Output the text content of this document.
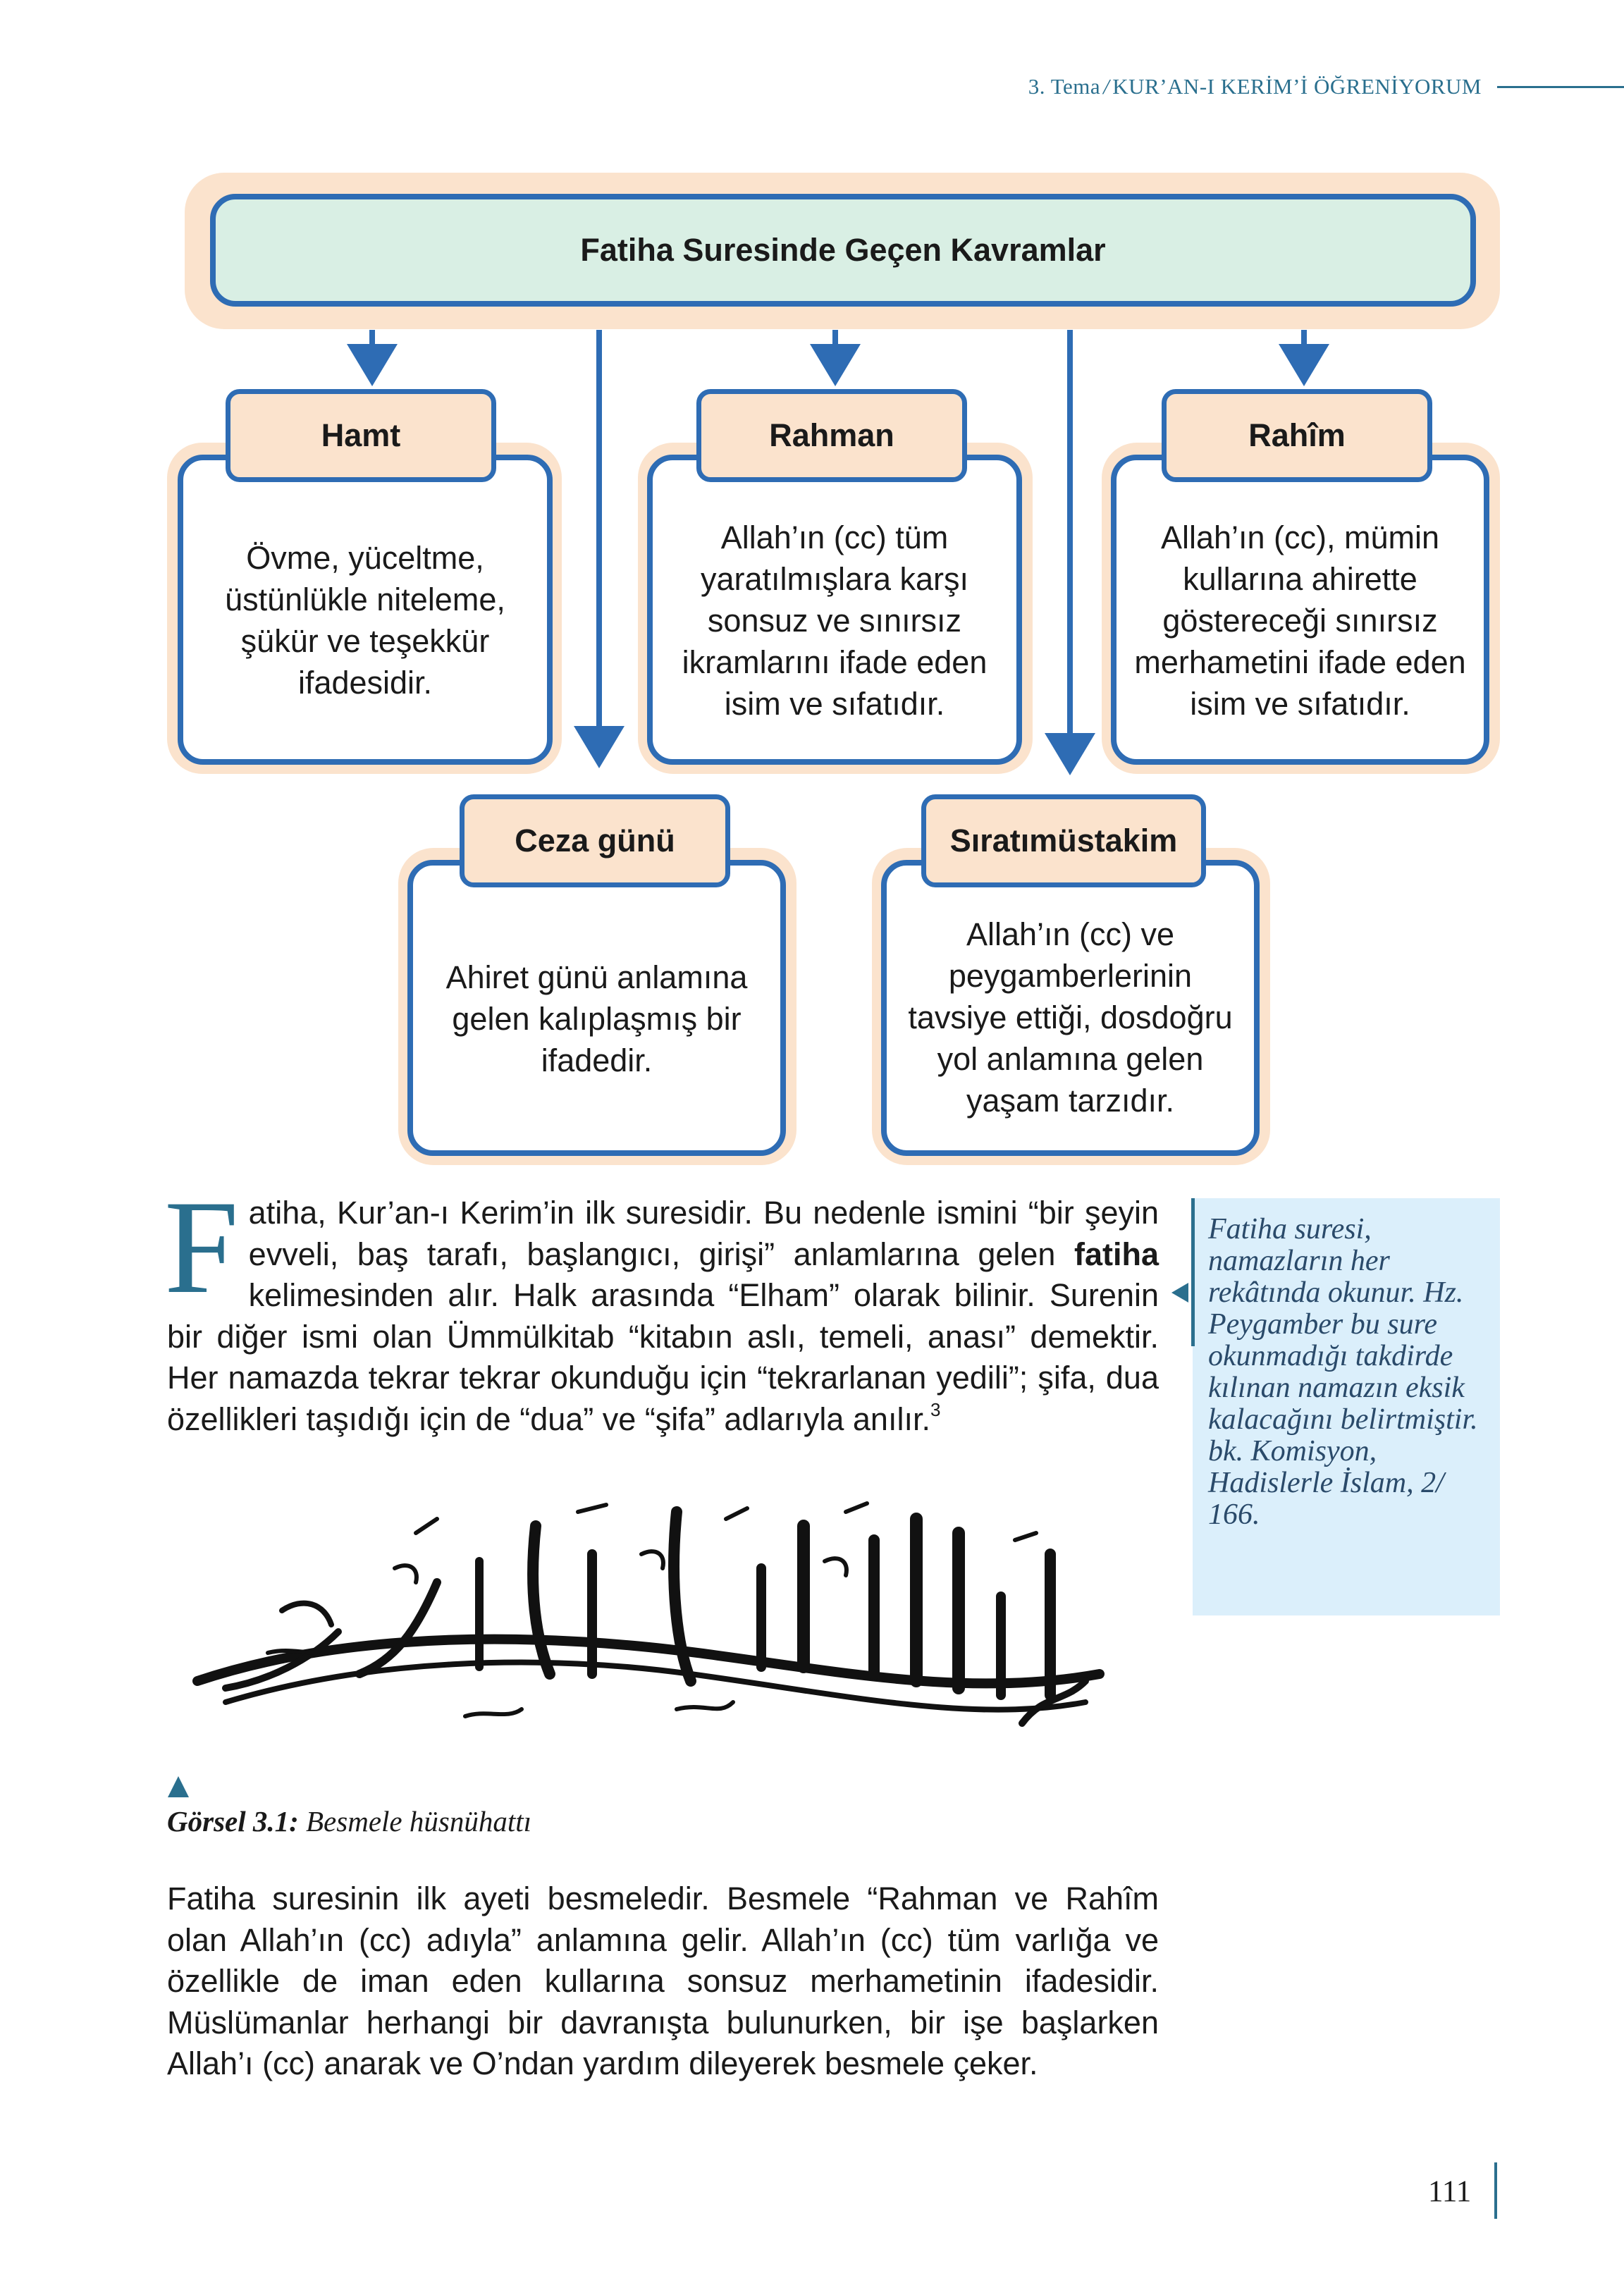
3. Tema / KUR’AN-I KERİM’İ ÖĞRENİYORUM
Fatiha Suresinde Geçen Kavramlar
Övme, yüceltme, üstünlükle niteleme, şükür ve teşekkür ifadesidir.
Hamt
Allah’ın (cc) tüm yaratılmışlara karşı sonsuz ve sınırsız ikramlarını ifade eden isim ve sıfatıdır.
Rahman
Allah’ın (cc), mümin kullarına ahirette göstereceği sınırsız merhametini ifade eden isim ve sıfatıdır.
Rahîm
Ahiret günü anlamına gelen kalıplaşmış bir ifadedir.
Ceza günü
Allah’ın (cc) ve peygamberlerinin tavsiye ettiği, dosdoğru yol anlamına gelen yaşam tarzıdır.
Sıratımüstakim
Fatiha, Kur’an-ı Kerim’in ilk suresidir. Bu nedenle ismini “bir şeyin evveli, baş tarafı, başlangıcı, girişi” anlamlarına gelen fatiha kelimesinden alır. Halk arasında “Elham” olarak bilinir. Surenin bir diğer ismi olan Ümmülkitab “kitabın aslı, temeli, anası” demektir. Her namazda tekrar tekrar okunduğu için “tekrarlanan yedili”; şifa, dua özellikleri taşıdığı için de “dua” ve “şifa” adlarıyla anılır.$^3$
Fatiha suresi, namazların her rekâtında okunur. Hz. Peygamber bu sure okunmadığı takdirde kılınan namazın eksik kalacağını belirtmiştir. bk. Komisyon, Hadislerle İslam, 2/ 166.
Görsel 3.1: Besmele hüsnühattı
Fatiha suresinin ilk ayeti besmeledir. Besmele “Rahman ve Rahîm olan Allah’ın (cc) adıyla” anlamına gelir. Allah’ın (cc) tüm varlığa ve özellikle de iman eden kullarına sonsuz merhametinin ifadesidir. Müslümanlar herhangi bir davranışta bulunurken, bir işe başlarken Allah’ı (cc) anarak ve O’ndan yardım dileyerek besmele çeker.
111
